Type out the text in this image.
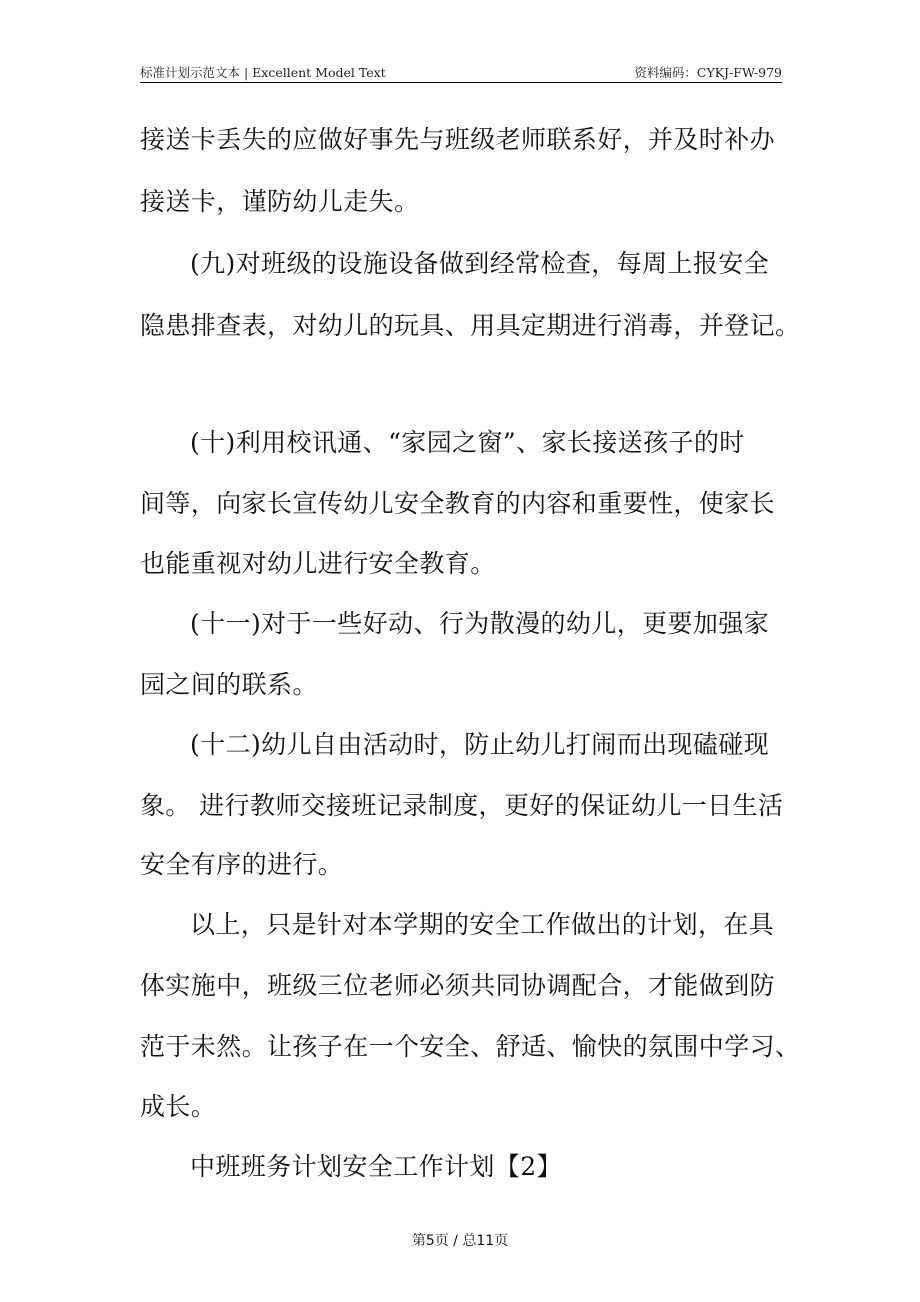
标准计划示范文本 | Excellent Model Text	资料编码：CYKJ-FW-979
接送卡丢失的应做好事先与班级老师联系好，并及时补办
接送卡，谨防幼儿走失。
(九)对班级的设施设备做到经常检查，每周上报安全
隐患排查表，对幼儿的玩具、用具定期进行消毒，并登记。
(十)利用校讯通、“家园之窗”、家长接送孩子的时
间等，向家长宣传幼儿安全教育的内容和重要性，使家长
也能重视对幼儿进行安全教育。
(十一)对于一些好动、行为散漫的幼儿，更要加强家
园之间的联系。
(十二)幼儿自由活动时，防止幼儿打闹而出现磕碰现
象。 进行教师交接班记录制度，更好的保证幼儿一日生活
安全有序的进行。
以上，只是针对本学期的安全工作做出的计划，在具
体实施中，班级三位老师必须共同协调配合，才能做到防
范于未然。让孩子在一个安全、舒适、愉快的氛围中学习、
成长。
中班班务计划安全工作计划【2】
第5页 / 总11页
